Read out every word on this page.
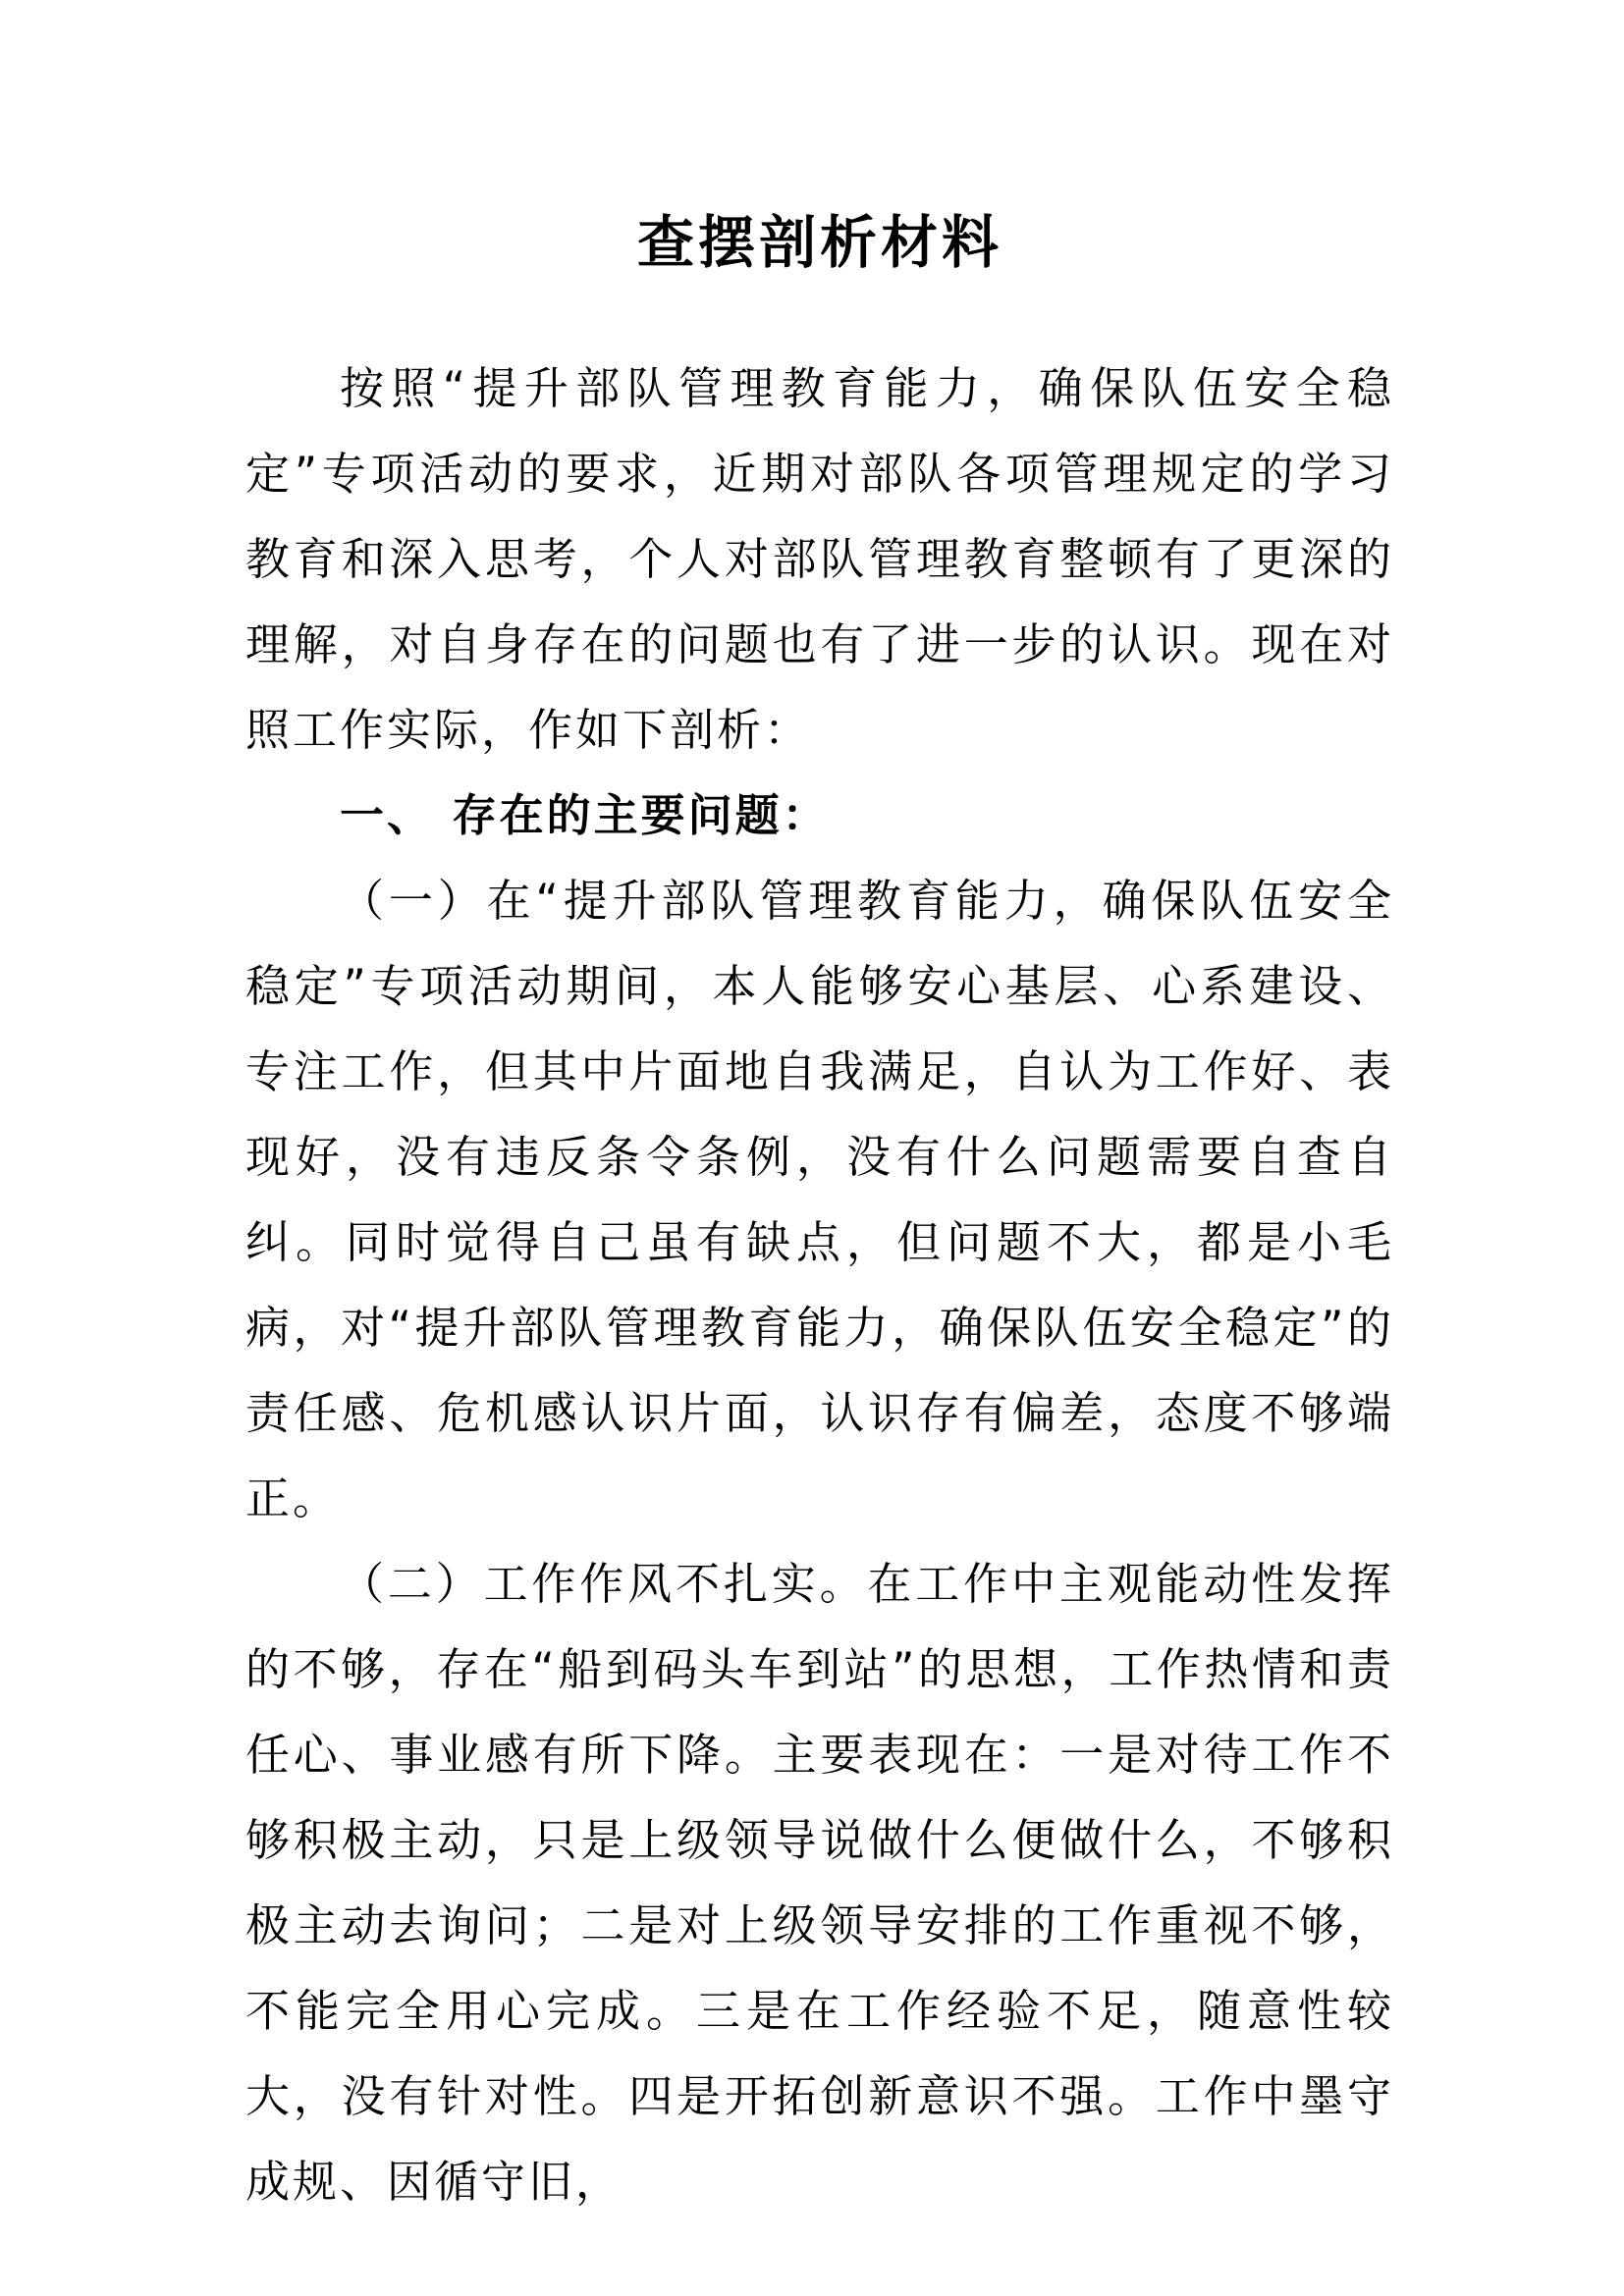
查摆剖析材料

按照“提升部队管理教育能力，确保队伍安全稳定”专项活动的要求，近期对部队各项管理规定的学习教育和深入思考，个人对部队管理教育整顿有了更深的理解，对自身存在的问题也有了进一步的认识。现在对照工作实际，作如下剖析：

一、 存在的主要问题：

（一）在“提升部队管理教育能力，确保队伍安全稳定”专项活动期间，本人能够安心基层、心系建设、专注工作，但其中片面地自我满足，自认为工作好、表现好，没有违反条令条例，没有什么问题需要自查自纠。同时觉得自己虽有缺点，但问题不大，都是小毛病，对“提升部队管理教育能力，确保队伍安全稳定”的责任感、危机感认识片面，认识存有偏差，态度不够端正。

（二）工作作风不扎实。在工作中主观能动性发挥的不够，存在“船到码头车到站”的思想，工作热情和责任心、事业感有所下降。主要表现在：一是对待工作不够积极主动，只是上级领导说做什么便做什么，不够积极主动去询问；二是对上级领导安排的工作重视不够，不能完全用心完成。三是在工作经验不足，随意性较大，没有针对性。四是开拓创新意识不强。工作中墨守成规、因循守旧，
